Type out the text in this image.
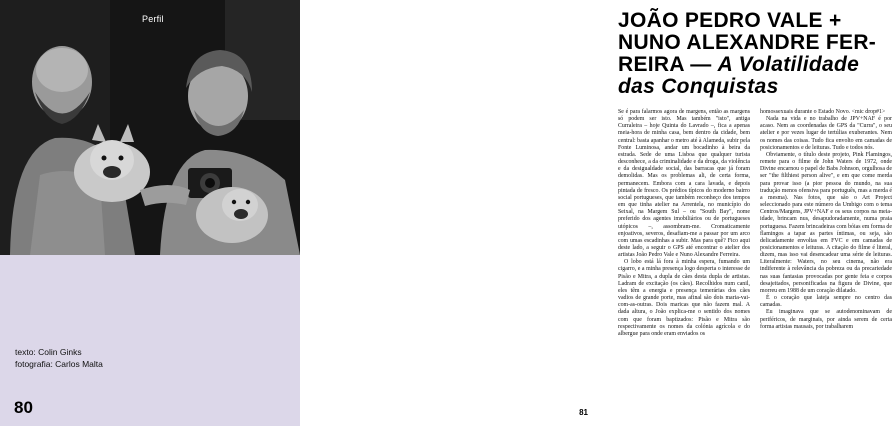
Perfil
texto: Colin Ginks
fotografia: Carlos Malta
80
JOÃO PEDRO VALE + NUNO ALEXANDRE FER- REIRA — A Volatilidade das Conquistas

Se é para falarmos agora de margens, então as margens só podem ser isto. Mas também "isto", antiga Curraleira – hoje Quinta do Lavrado –, fica a apenas meia-hora de minha casa, bem dentro da cidade, bem central: basta apanhar o metro até à Alameda, subir pela Fonte Luminosa, andar um bocadinho à beira da estrada. Sede de uma Lisboa que qualquer turista desconhece, a da criminalidade e da droga, da violência e da desigualdade social, das barracas que já foram demolidas. Mas os problemas ali, de certa forma, permanecem. Embora com a cara lavada, e depois pintada de fresco. Os prédios típicos do moderno bairro social portugueses, que também reconheço dos tempos em que tinha atelier na Arrentela, no município do Seixal, na Margem Sul – ou "South Bay", nome preferido dos agentes imobiliários ou de portugueses utópicos –, assombram-me. Cromaticamente enjoativos, severos, desafiam-me a passar por um arco com umas escadinhas a subir. Mas para quê? Fico aqui deste lado, a seguir o GPS até encontrar o atelier dos artistas João Pedro Vale e Nuno Alexandre Ferreira.

O lobo está lá fora à minha espera, fumando um cigarro, e a minha presença logo desperta o interesse de Pisão e Mitra, a dupla de cães desta dupla de artistas. Ladram de excitação (os cães). Recolhidos num canil, eles têm a energia e presença temerárias dos cães vadios de grande porte, mas afinal são dois maria-vai-com-as-outras. Dois maricas que não fazem mal. A dada altura, o João explica-me o sentido dos nomes com que foram baptizados: Pisão e Mitra são respectivamente os nomes da colónia agrícola e do albergue para onde eram enviados os

homossexuais durante o Estado Novo. <mic drop#1>

Nada na vida e no trabalho de JPV+NAF é por acaso. Nem as coordenadas de GPS da "Curra", o seu atelier e por vezes lugar de tertúlias exuberantes. Nem os nomes das coisas. Tudo fica envolto em camadas de posicionamentos e de leituras. Tudo e todos nós.

Obviamente, o título deste projeto, Pink Flamingos, remete para o filme de John Waters de 1972, onde Divine encarnou o papel de Babs Johnson, orgulhosa de ser "the filthiest person alive", e em que come merda para provar isso (a pior pessoa do mundo, na sua tradução menos ofensiva para português, mas a merda é a mesma). Nas fotos, que são o Art Project seleccionado para este número da Umbigo com o tema Centros/Margens, JPV+NAF e os seus corpos na meia-idade, brincam nus, desapudoradamente, numa praia portuguesa. Fazem brincadeiras com bóias em forma de flamingos a tapar as partes íntimas, ou seja, são delicadamente envoltas em FVC e em camadas de posicionamentos e leituras. A citação do filme é literal, dizem, mas isso vai desencadear uma série de leituras. Literalmente: Waters, no seu cinema, não era indiferente à relevância da pobreza ou da precariedade nas suas fantasias provocadas por gente feia e corpos desajeitados, personificadas na figura de Divine, que morreu em 1988 de um coração dilatado.

É o coração que lateja sempre no centro das camadas.

Eu imaginava que se autodenominavam de periféricos, de marginais, por ainda serem de certa forma artistas mausais, por trabalharem

81
